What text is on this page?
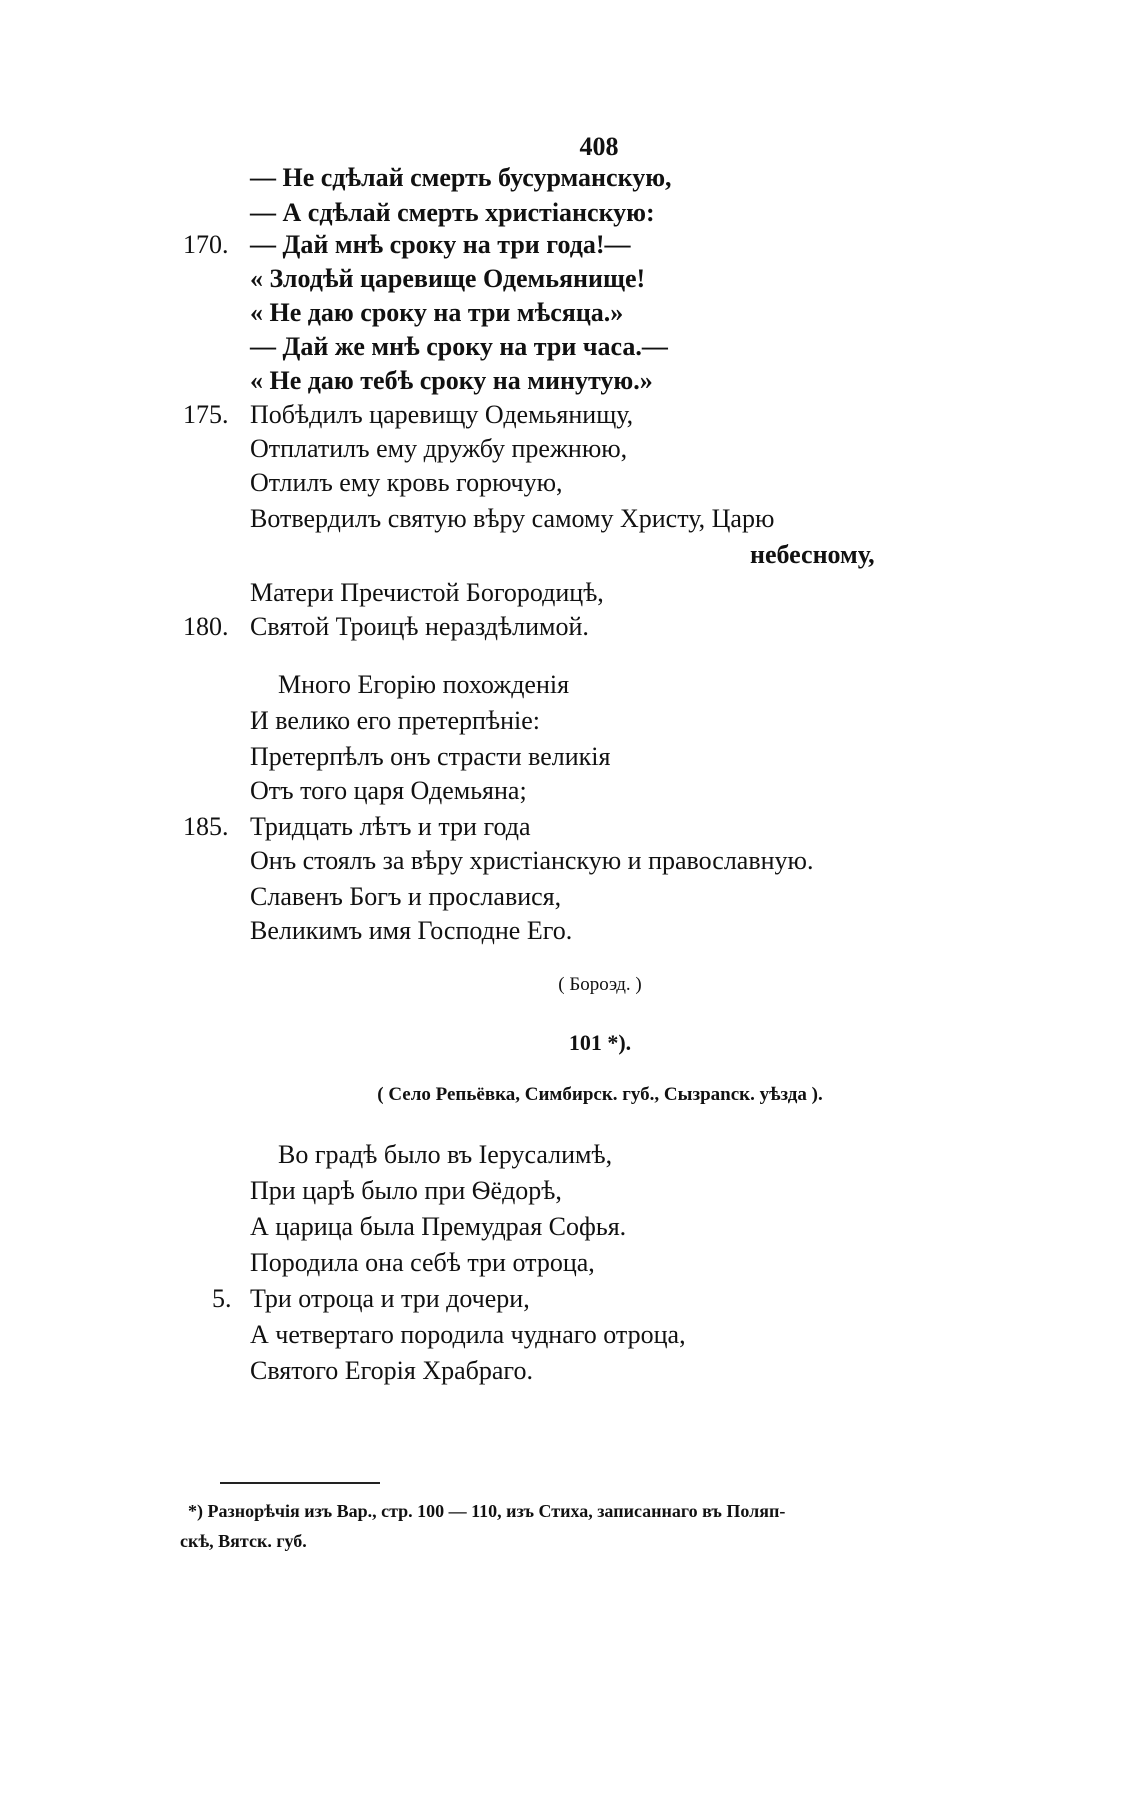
408
— Не сдѣлай смерть бусурманскую,
— А сдѣлай смерть христіанскую:
170. — Дай мнѣ сроку на три года!—
« Злодѣй царевище Одемьянище!
« Не даю сроку на три мѣсяца.»
— Дай же мнѣ сроку на три часа.—
« Не даю тебѣ сроку на минутую.»
175. Побѣдилъ царевищу Одемьянищу,
Отплатилъ ему дружбу прежнюю,
Отлилъ ему кровь горючую,
Вотвердилъ святую вѣру самому Христу, Царю
небесному,
Матери Пречистой Богородицѣ,
180. Святой Троицѣ нераздѣлимой.
Много Егорію похожденія
И велико его претерпѣніе:
Претерпѣлъ онъ страсти великія
Отъ того царя Одемьяна;
185. Тридцать лѣтъ и три года
Онъ стоялъ за вѣру христіанскую и православную.
Славенъ Богъ и прославися,
Великимъ имя Господне Его.
( Бороэд. )
101 *).
( Село Репьёвка, Симбирск. губ., Сызрanск. уѣзда ).
Во градѣ было въ Іерусалимѣ,
При царѣ было при Ѳёдорѣ,
А царица была Премудрая Софья.
Породила она себѣ три отроца,
5. Три отроца и три дочери,
А четвертаго породила чуднаго отроца,
Святого Егорія Храбраго.
*) Разнорѣчія изъ Вар., стр. 100 — 110, изъ Стиха, записаннаго въ Поляп-
скѣ, Вятск. губ.
